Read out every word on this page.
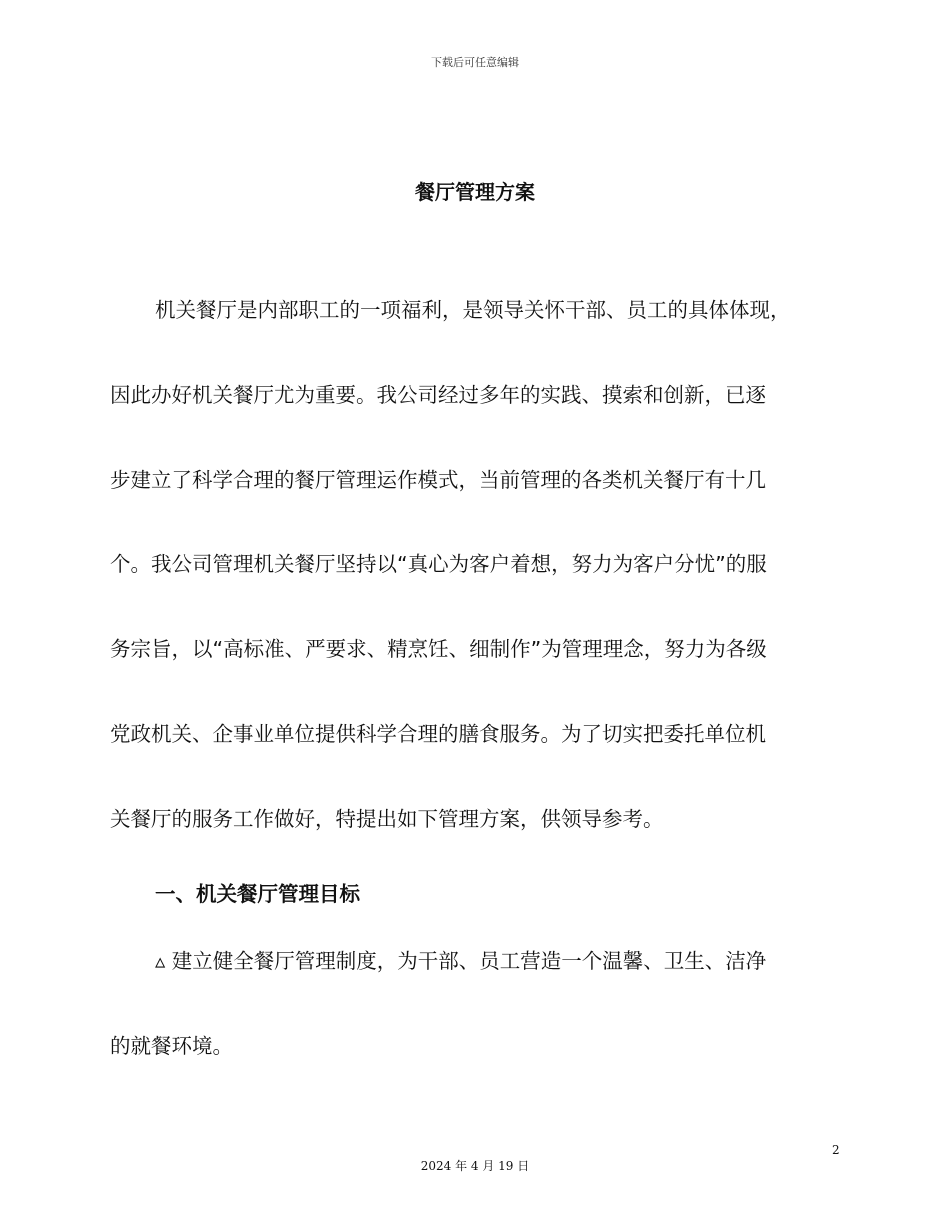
下载后可任意编辑
餐厅管理方案
机关餐厅是内部职工的一项福利，是领导关怀干部、员工的具体体现，
因此办好机关餐厅尤为重要。我公司经过多年的实践、摸索和创新，已逐
步建立了科学合理的餐厅管理运作模式，当前管理的各类机关餐厅有十几
个。我公司管理机关餐厅坚持以“真心为客户着想，努力为客户分忧”的服
务宗旨，以“高标准、严要求、精烹饪、细制作”为管理理念，努力为各级
党政机关、企事业单位提供科学合理的膳食服务。为了切实把委托单位机
关餐厅的服务工作做好，特提出如下管理方案，供领导参考。
一、机关餐厅管理目标
▵ 建立健全餐厅管理制度，为干部、员工营造一个温馨、卫生、洁净
的就餐环境。
2
2024 年 4 月 19 日
